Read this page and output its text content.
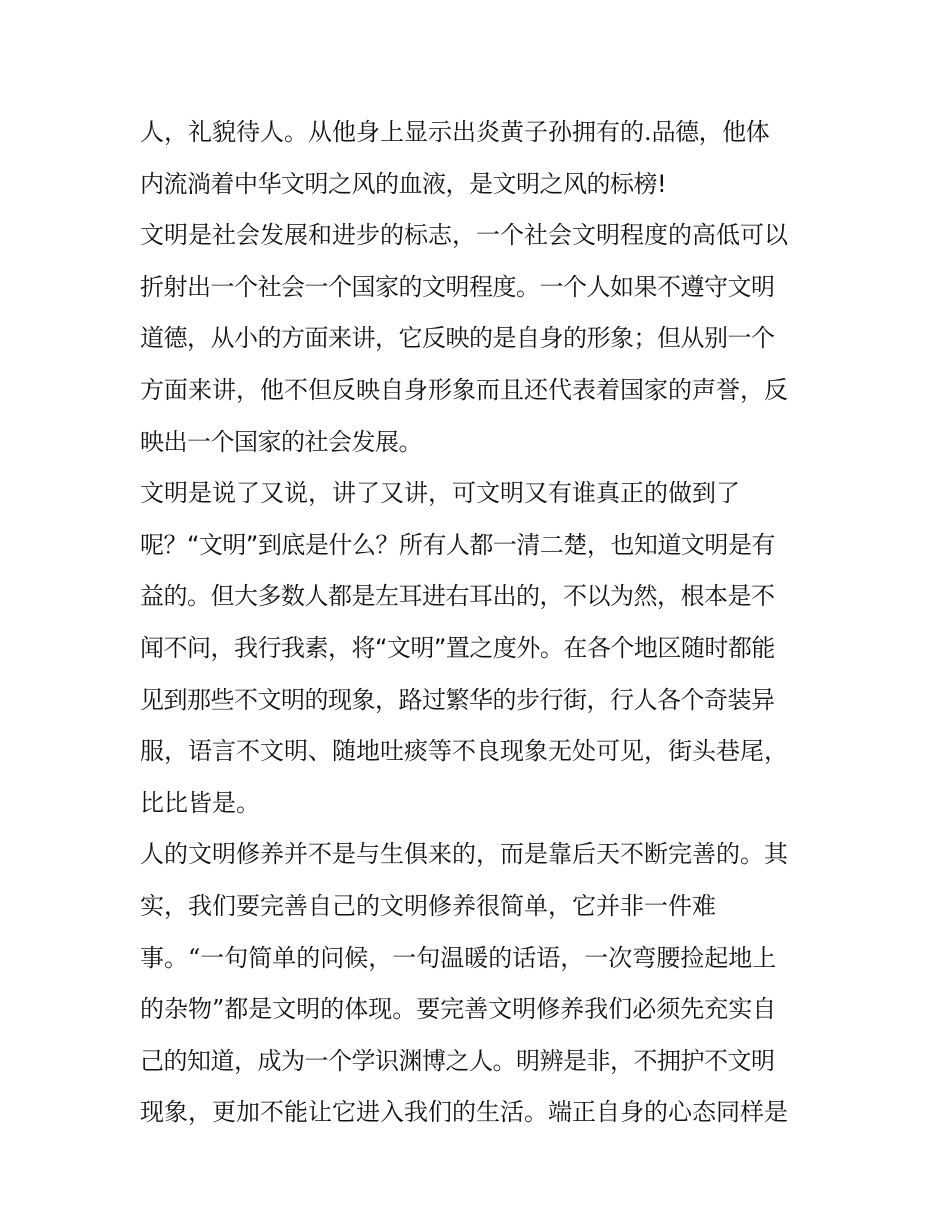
人，礼貌待人。从他身上显示出炎黄子孙拥有的.品德，他体
内流淌着中华文明之风的血液，是文明之风的标榜!
文明是社会发展和进步的标志，一个社会文明程度的高低可以
折射出一个社会一个国家的文明程度。一个人如果不遵守文明
道德，从小的方面来讲，它反映的是自身的形象；但从别一个
方面来讲，他不但反映自身形象而且还代表着国家的声誉，反
映出一个国家的社会发展。
文明是说了又说，讲了又讲，可文明又有谁真正的做到了
呢？“文明”到底是什么？所有人都一清二楚，也知道文明是有
益的。但大多数人都是左耳进右耳出的，不以为然，根本是不
闻不问，我行我素，将“文明”置之度外。在各个地区随时都能
见到那些不文明的现象，路过繁华的步行街，行人各个奇装异
服，语言不文明、随地吐痰等不良现象无处可见，街头巷尾，
比比皆是。
人的文明修养并不是与生俱来的，而是靠后天不断完善的。其
实，我们要完善自己的文明修养很简单，它并非一件难
事。“一句简单的问候，一句温暖的话语，一次弯腰捡起地上
的杂物”都是文明的体现。要完善文明修养我们必须先充实自
己的知道，成为一个学识渊博之人。明辨是非，不拥护不文明
现象，更加不能让它进入我们的生活。端正自身的心态同样是
